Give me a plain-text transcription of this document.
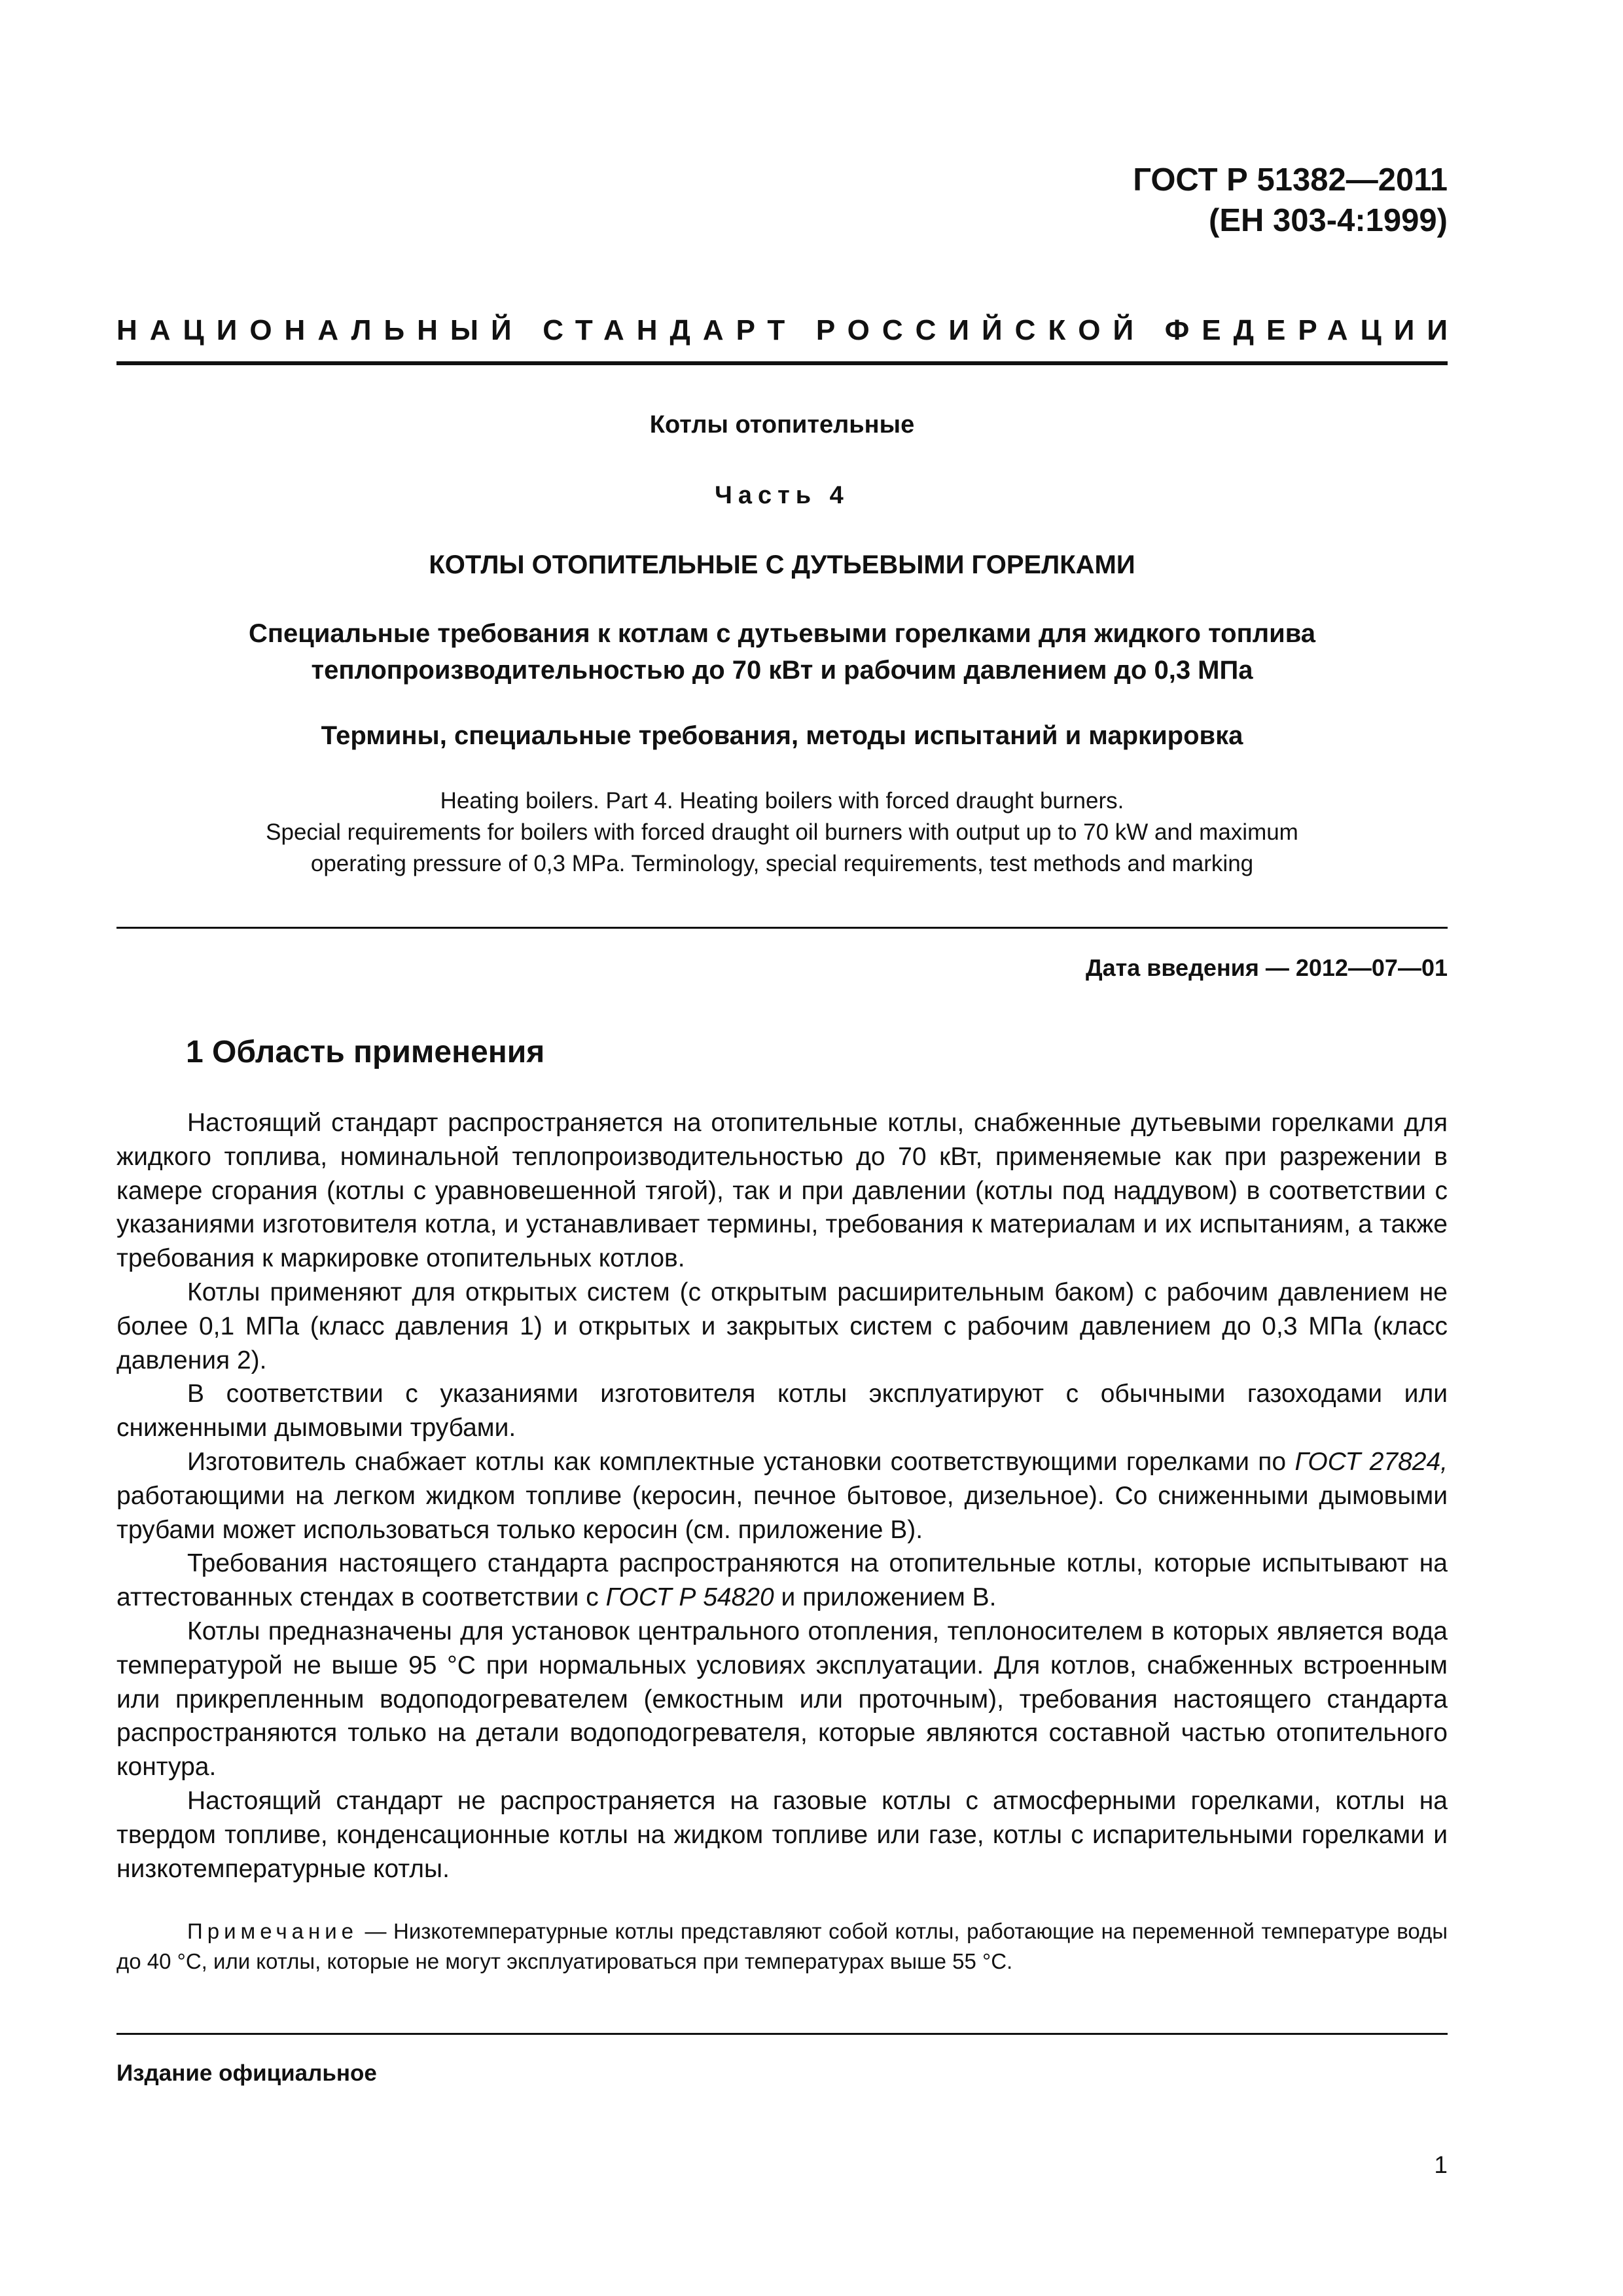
ГОСТ Р 51382—2011
(ЕН 303-4:1999)
НАЦИОНАЛЬНЫЙ СТАНДАРТ РОССИЙСКОЙ ФЕДЕРАЦИИ
Котлы отопительные
Часть 4
КОТЛЫ ОТОПИТЕЛЬНЫЕ С ДУТЬЕВЫМИ ГОРЕЛКАМИ
Специальные требования к котлам с дутьевыми горелками для жидкого топлива
теплопроизводительностью до 70 кВт и рабочим давлением до 0,3 МПа
Термины, специальные требования, методы испытаний и маркировка
Heating boilers. Part 4. Heating boilers with forced draught burners.
Special requirements for boilers with forced draught oil burners with output up to 70 kW and maximum
operating pressure of 0,3 MPa. Terminology, special requirements, test methods and marking
Дата введения — 2012—07—01
1 Область применения

Настоящий стандарт распространяется на отопительные котлы, снабженные дутьевыми горелками для жидкого топлива, номинальной теплопроизводительностью до 70 кВт, применяемые как при разрежении в камере сгорания (котлы с уравновешенной тягой), так и при давлении (котлы под наддувом) в соответствии с указаниями изготовителя котла, и устанавливает термины, требования к материалам и их испытаниям, а также требования к маркировке отопительных котлов.

Котлы применяют для открытых систем (с открытым расширительным баком) с рабочим давлением не более 0,1 МПа (класс давления 1) и открытых и закрытых систем с рабочим давлением до 0,3 МПа (класс давления 2).

В соответствии с указаниями изготовителя котлы эксплуатируют с обычными газоходами или сниженными дымовыми трубами.

Изготовитель снабжает котлы как комплектные установки соответствующими горелками по ГОСТ 27824, работающими на легком жидком топливе (керосин, печное бытовое, дизельное). Со сниженными дымовыми трубами может использоваться только керосин (см. приложение В).

Требования настоящего стандарта распространяются на отопительные котлы, которые испытывают на аттестованных стендах в соответствии с ГОСТ Р 54820 и приложением В.

Котлы предназначены для установок центрального отопления, теплоносителем в которых является вода температурой не выше 95 °С при нормальных условиях эксплуатации. Для котлов, снабженных встроенным или прикрепленным водоподогревателем (емкостным или проточным), требования настоящего стандарта распространяются только на детали водоподогревателя, которые являются составной частью отопительного контура.

Настоящий стандарт не распространяется на газовые котлы с атмосферными горелками, котлы на твердом топливе, конденсационные котлы на жидком топливе или газе, котлы с испарительными горелками и низкотемпературные котлы.

Примечание — Низкотемпературные котлы представляют собой котлы, работающие на переменной температуре воды до 40 °С, или котлы, которые не могут эксплуатироваться при температурах выше 55 °С.
Издание официальное
1
